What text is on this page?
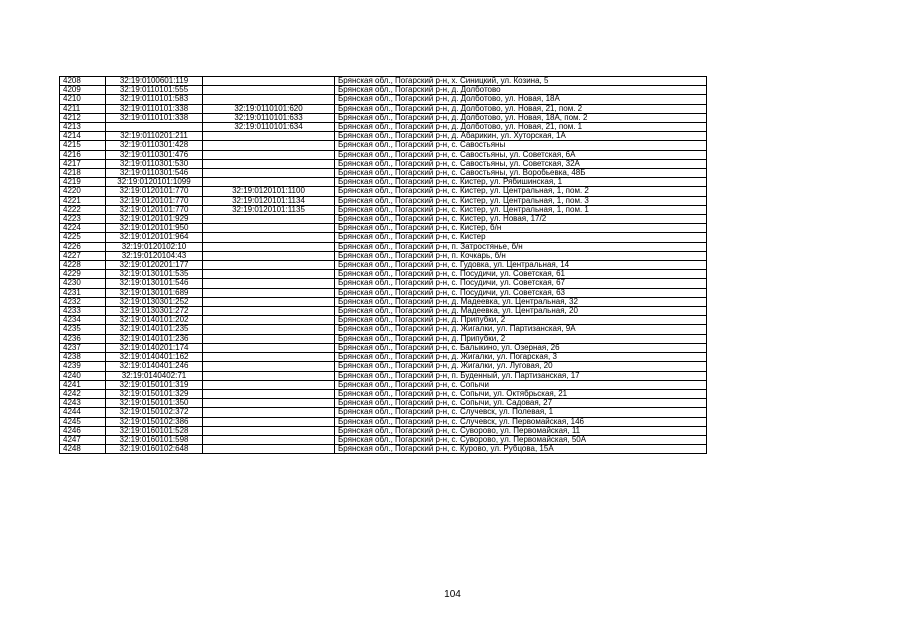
4208	32:19:0100601:119		Брянская обл., Погарский р-н, х. Синицкий, ул. Козина, 5
4209	32:19:0110101:555		Брянская обл., Погарский р-н, д. Долботово
4210	32:19:0110101:583		Брянская обл., Погарский р-н, д. Долботово, ул. Новая, 18А
4211	32:19:0110101:338	32:19:0110101:620	Брянская обл., Погарский р-н, д. Долботово, ул. Новая, 21, пом. 2
4212	32:19:0110101:338	32:19:0110101:633	Брянская обл., Погарский р-н, д. Долботово, ул. Новая, 18А, пом. 2
4213		32:19:0110101:634	Брянская обл., Погарский р-н, д. Долботово, ул. Новая, 21, пом. 1
4214	32:19:0110201:211		Брянская обл., Погарский р-н, д. Абарикин, ул. Хуторская, 1А
4215	32:19:0110301:428		Брянская обл., Погарский р-н, с. Савостьяны
4216	32:19:0110301:476		Брянская обл., Погарский р-н, с. Савостьяны, ул. Советская, 6А
4217	32:19:0110301:530		Брянская обл., Погарский р-н, с. Савостьяны, ул. Советская, 32А
4218	32:19:0110301:546		Брянская обл., Погарский р-н, с. Савостьяны, ул. Воробьевка, 48Б
4219	32:19:0120101:1099		Брянская обл., Погарский р-н, с. Кистер, ул. Рябишинская, 1
4220	32:19:0120101:770	32:19:0120101:1100	Брянская обл., Погарский р-н, с. Кистер, ул. Центральная, 1, пом. 2
4221	32:19:0120101:770	32:19:0120101:1134	Брянская обл., Погарский р-н, с. Кистер, ул. Центральная, 1, пом. 3
4222	32:19:0120101:770	32:19:0120101:1135	Брянская обл., Погарский р-н, с. Кистер, ул. Центральная, 1, пом. 1
4223	32:19:0120101:929		Брянская обл., Погарский р-н, с. Кистер, ул. Новая, 17/2
4224	32:19:0120101:950		Брянская обл., Погарский р-н, с. Кистер, б/н
4225	32:19:0120101:964		Брянская обл., Погарский р-н, с. Кистер
4226	32:19:0120102:10		Брянская обл., Погарский р-н, п. Затростянье, б/н
4227	32:19:0120104:43		Брянская обл., Погарский р-н, п. Кочкарь, б/н
4228	32:19:0120201:177		Брянская обл., Погарский р-н, с. Гудовка, ул. Центральная, 14
4229	32:19:0130101:535		Брянская обл., Погарский р-н, с. Посудичи, ул. Советская, 61
4230	32:19:0130101:546		Брянская обл., Погарский р-н, с. Посудичи, ул. Советская, 67
4231	32:19:0130101:689		Брянская обл., Погарский р-н, с. Посудичи, ул. Советская, 63
4232	32:19:0130301:252		Брянская обл., Погарский р-н, д. Мадеевка, ул. Центральная, 32
4233	32:19:0130301:272		Брянская обл., Погарский р-н, д. Мадеевка, ул. Центральная, 20
4234	32:19:0140101:202		Брянская обл., Погарский р-н, д. Припубки, 2
4235	32:19:0140101:235		Брянская обл., Погарский р-н, д. Жигалки, ул. Партизанская, 9А
4236	32:19:0140101:236		Брянская обл., Погарский р-н, д. Припубки, 2
4237	32:19:0140201:174		Брянская обл., Погарский р-н, с. Балыкино, ул. Озерная, 26
4238	32:19:0140401:162		Брянская обл., Погарский р-н, д. Жигалки, ул. Погарская, 3
4239	32:19:0140401:246		Брянская обл., Погарский р-н, д. Жигалки, ул. Луговая, 20
4240	32:19:0140402:71		Брянская обл., Погарский р-н, п. Буденный, ул. Партизанская, 17
4241	32:19:0150101:319		Брянская обл., Погарский р-н, с. Сопычи
4242	32:19:0150101:329		Брянская обл., Погарский р-н, с. Сопычи, ул. Октябрьская, 21
4243	32:19:0150101:350		Брянская обл., Погарский р-н, с. Сопычи, ул. Садовая, 27
4244	32:19:0150102:372		Брянская обл., Погарский р-н, с. Случевск, ул. Полевая, 1
4245	32:19:0150102:386		Брянская обл., Погарский р-н, с. Случевск, ул. Первомайская, 146
4246	32:19:0160101:528		Брянская обл., Погарский р-н, с. Суворово, ул. Первомайская, 11
4247	32:19:0160101:598		Брянская обл., Погарский р-н, с. Суворово, ул. Первомайская, 50А
4248	32:19:0160102:648		Брянская обл., Погарский р-н, с. Курово, ул. Рубцова, 15А
104
